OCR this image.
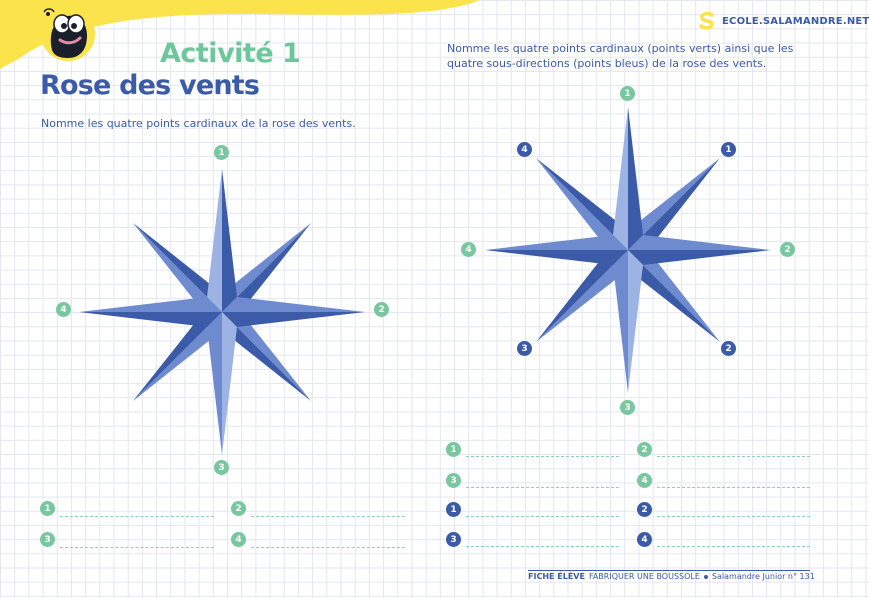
ECOLE.SALAMANDRE.NET
Activité 1
Rose des vents
Nomme les quatre points cardinaux de la rose des vents.
Nomme les quatre points cardinaux (points verts) ainsi que les quatre sous-directions (points bleus) de la rose des vents.
1
2
3
4
1
2
3
4
1
2
3
4
1	2
3	4
1	2
3	4
1	2
3	4
FICHE ÉLÈVE FABRIQUER UNE BOUSSOLE Salamandre Junior n° 131
